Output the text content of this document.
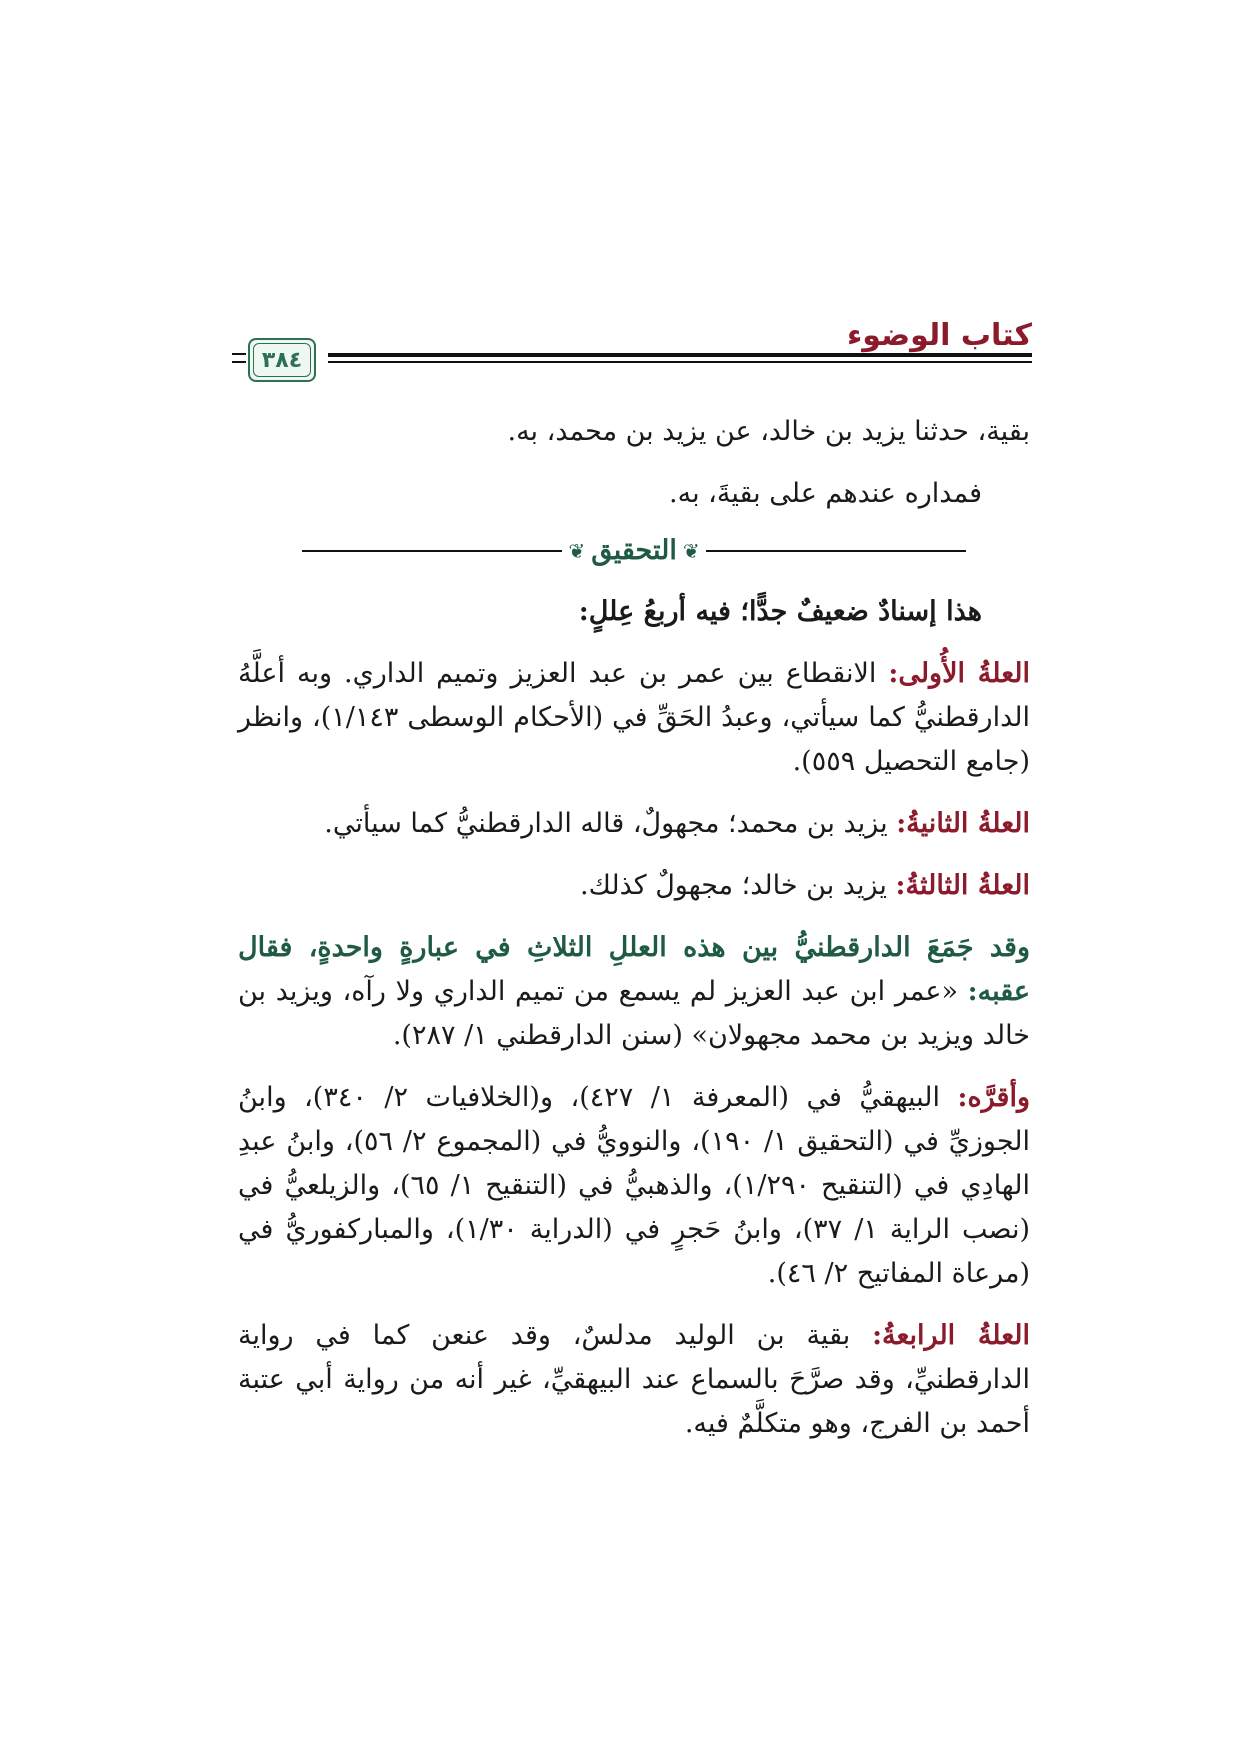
كتاب الوضوء
٣٨٤

بقية، حدثنا يزيد بن خالد، عن يزيد بن محمد، به.

فمداره عندهم على بقيةَ، به.

❦
التحقيق
❦

هذا إسنادٌ ضعيفٌ جدًّا؛ فيه أربعُ عِللٍ:

العلةُ الأُولى: الانقطاع بين عمر بن عبد العزيز وتميم الداري. وبه أعلَّهُ الدارقطنيُّ كما سيأتي، وعبدُ الحَقِّ في (الأحكام الوسطى ١/١٤٣)، وانظر (جامع التحصيل ٥٥٩).

العلةُ الثانيةُ: يزيد بن محمد؛ مجهولٌ، قاله الدارقطنيُّ كما سيأتي.

العلةُ الثالثةُ: يزيد بن خالد؛ مجهولٌ كذلك.

وقد جَمَعَ الدارقطنيُّ بين هذه العللِ الثلاثِ في عبارةٍ واحدةٍ، فقال عقبه: «عمر ابن عبد العزيز لم يسمع من تميم الداري ولا رآه، ويزيد بن خالد ويزيد بن محمد مجهولان» (سنن الدارقطني ١/ ٢٨٧).

وأقرَّه: البيهقيُّ في (المعرفة ١/ ٤٢٧)، و(الخلافيات ٢/ ٣٤٠)، وابنُ الجوزيِّ في (التحقيق ١/ ١٩٠)، والنوويُّ في (المجموع ٢/ ٥٦)، وابنُ عبدِ الهادِي في (التنقيح ١/٢٩٠)، والذهبيُّ في (التنقيح ١/ ٦٥)، والزيلعيُّ في (نصب الراية ١/ ٣٧)، وابنُ حَجرٍ في (الدراية ١/٣٠)، والمباركفوريُّ في (مرعاة المفاتيح ٢/ ٤٦).

العلةُ الرابعةُ: بقية بن الوليد مدلسٌ، وقد عنعن كما في رواية الدارقطنيِّ، وقد صرَّحَ بالسماع عند البيهقيِّ، غير أنه من رواية أبي عتبة أحمد بن الفرج، وهو متكلَّمٌ فيه.
